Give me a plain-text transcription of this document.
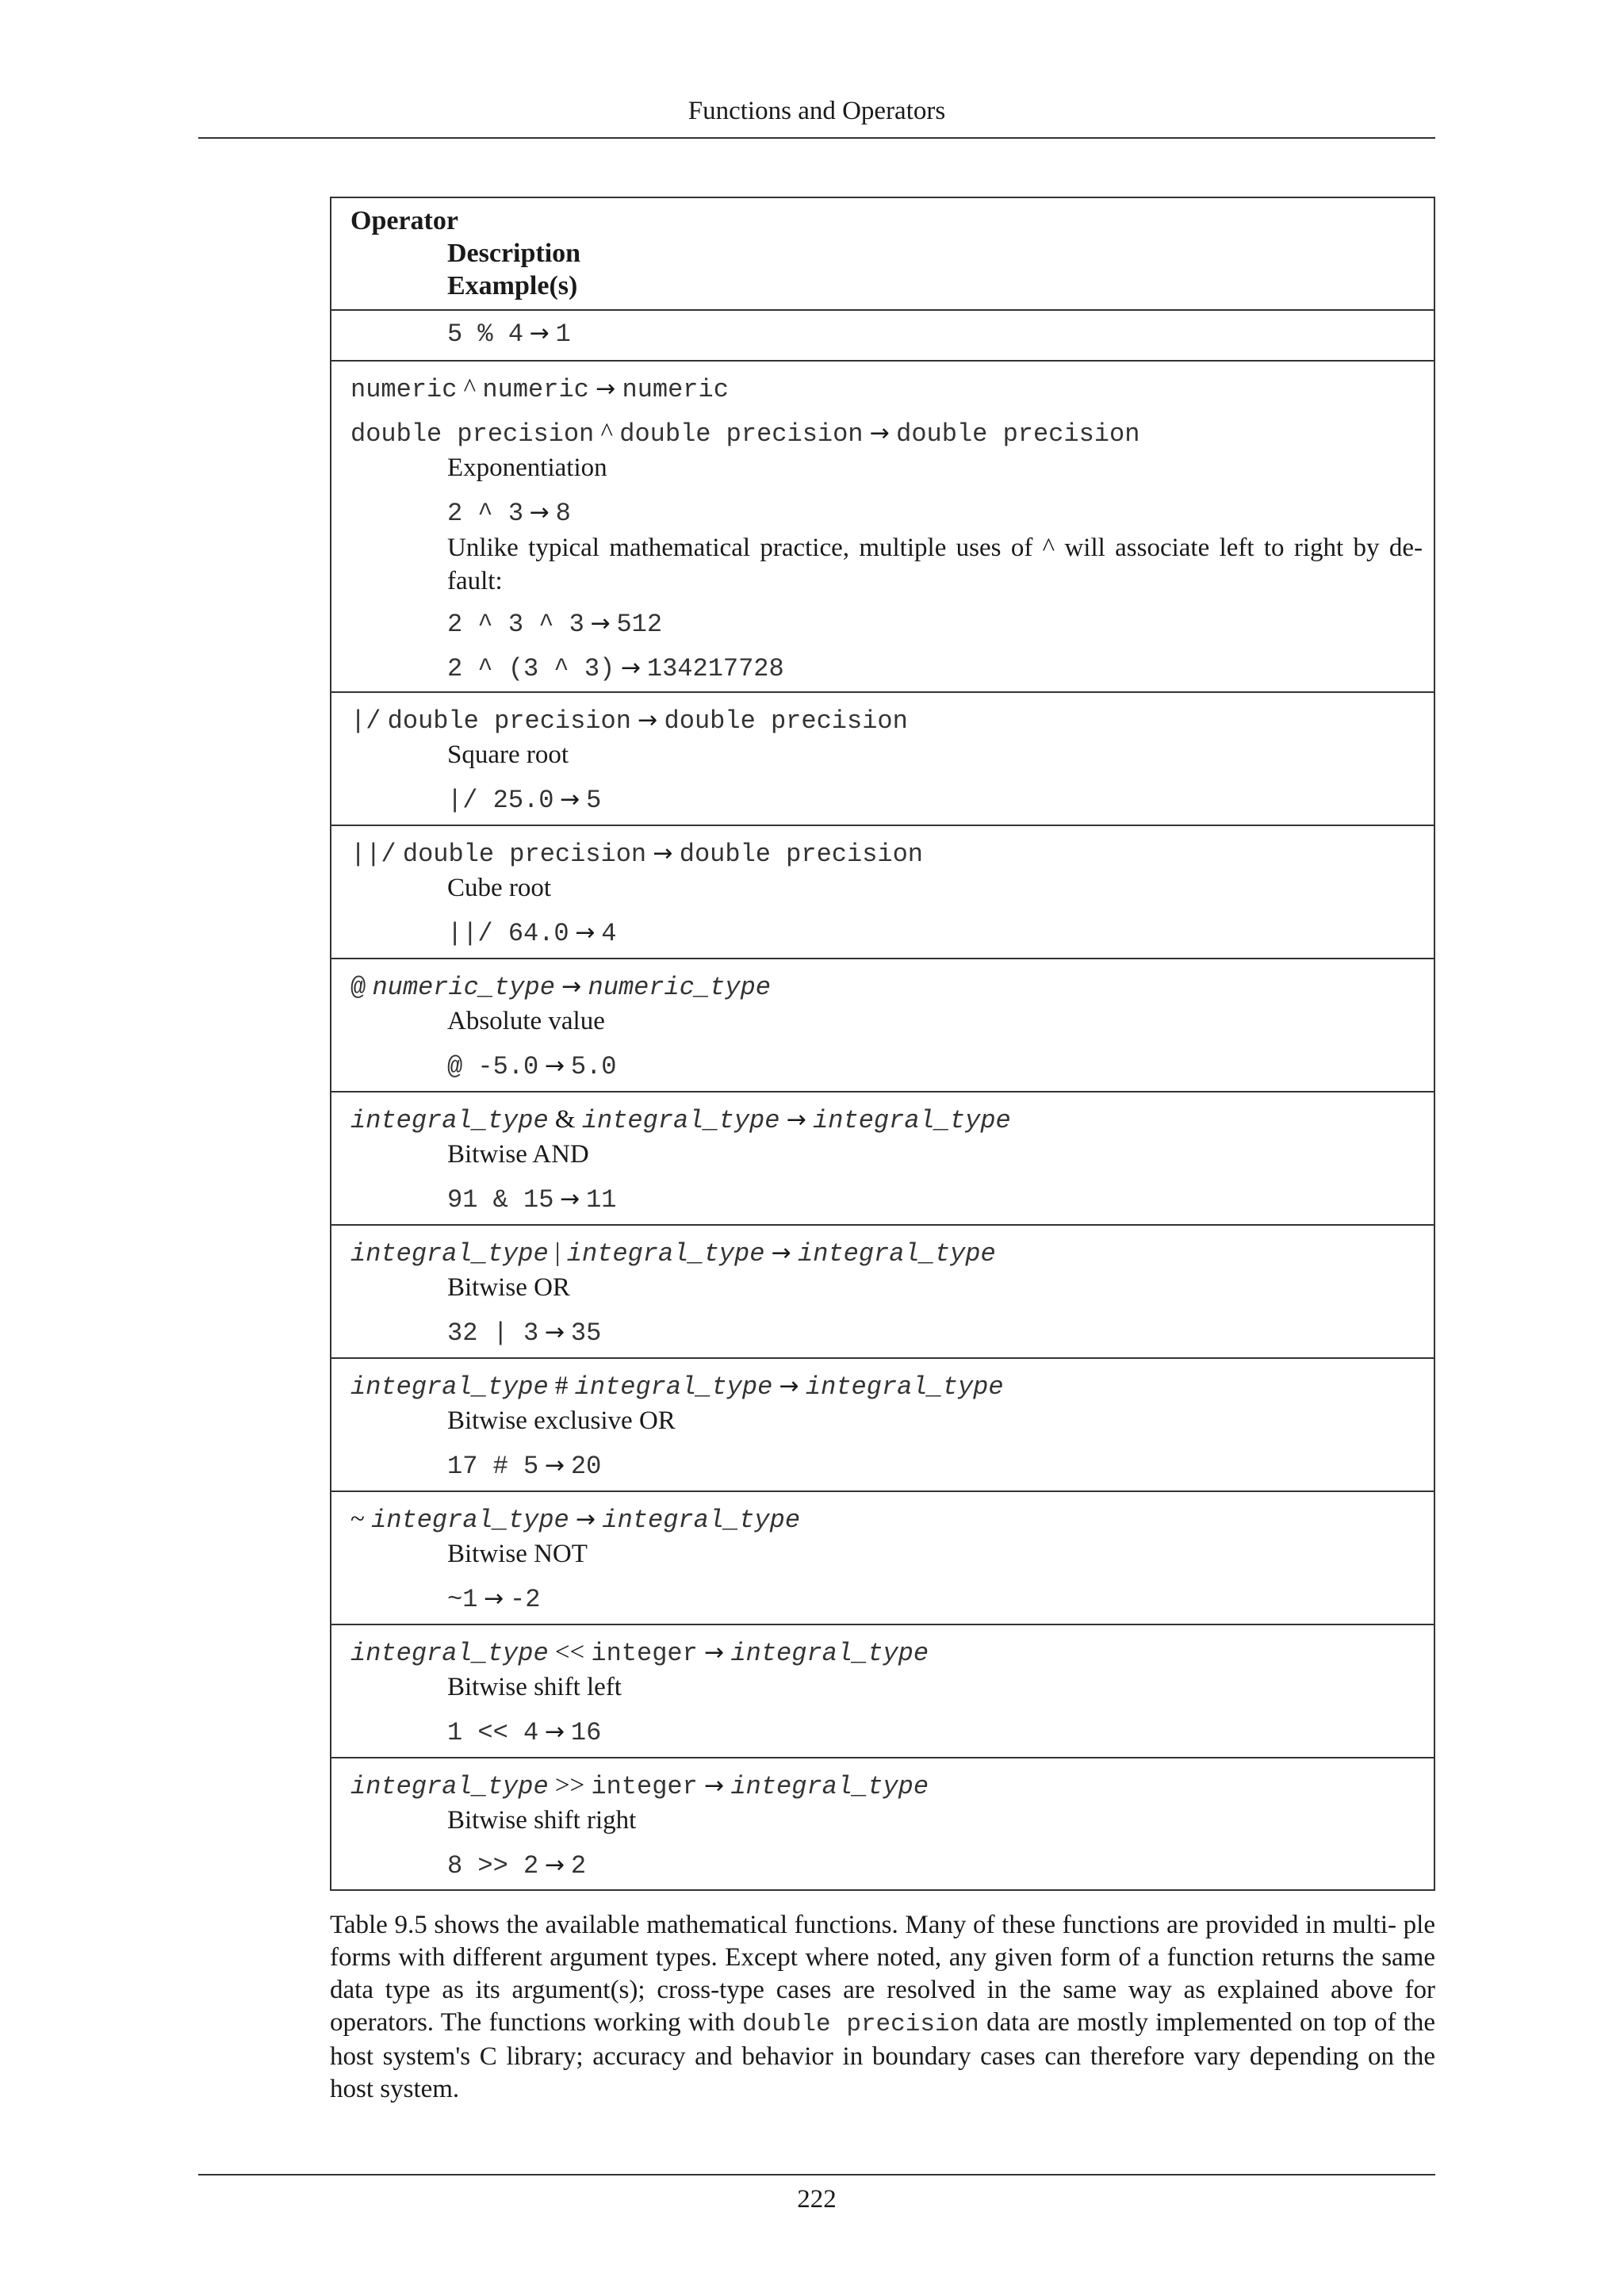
Functions and Operators
Operator
Description
Example(s)
5 % 4 → 1
numeric ^ numeric → numeric
double precision ^ double precision → double precision
Exponentiation
2 ^ 3 → 8
Unlike typical mathematical practice, multiple uses of ^ will associate left to right by de- fault:
2 ^ 3 ^ 3 → 512
2 ^ (3 ^ 3) → 134217728
|/ double precision → double precision
Square root
|/ 25.0 → 5
||/ double precision → double precision
Cube root
||/ 64.0 → 4
@ numeric_type → numeric_type
Absolute value
@ -5.0 → 5.0
integral_type & integral_type → integral_type
Bitwise AND
91 & 15 → 11
integral_type | integral_type → integral_type
Bitwise OR
32 | 3 → 35
integral_type # integral_type → integral_type
Bitwise exclusive OR
17 # 5 → 20
~ integral_type → integral_type
Bitwise NOT
~1 → -2
integral_type << integer → integral_type
Bitwise shift left
1 << 4 → 16
integral_type >> integer → integral_type
Bitwise shift right
8 >> 2 → 2
Table 9.5 shows the available mathematical functions. Many of these functions are provided in multi- ple forms with different argument types. Except where noted, any given form of a function returns the same data type as its argument(s); cross-type cases are resolved in the same way as explained above for operators. The functions working with double precision data are mostly implemented on top of the host system's C library; accuracy and behavior in boundary cases can therefore vary depending on the host system.
222
